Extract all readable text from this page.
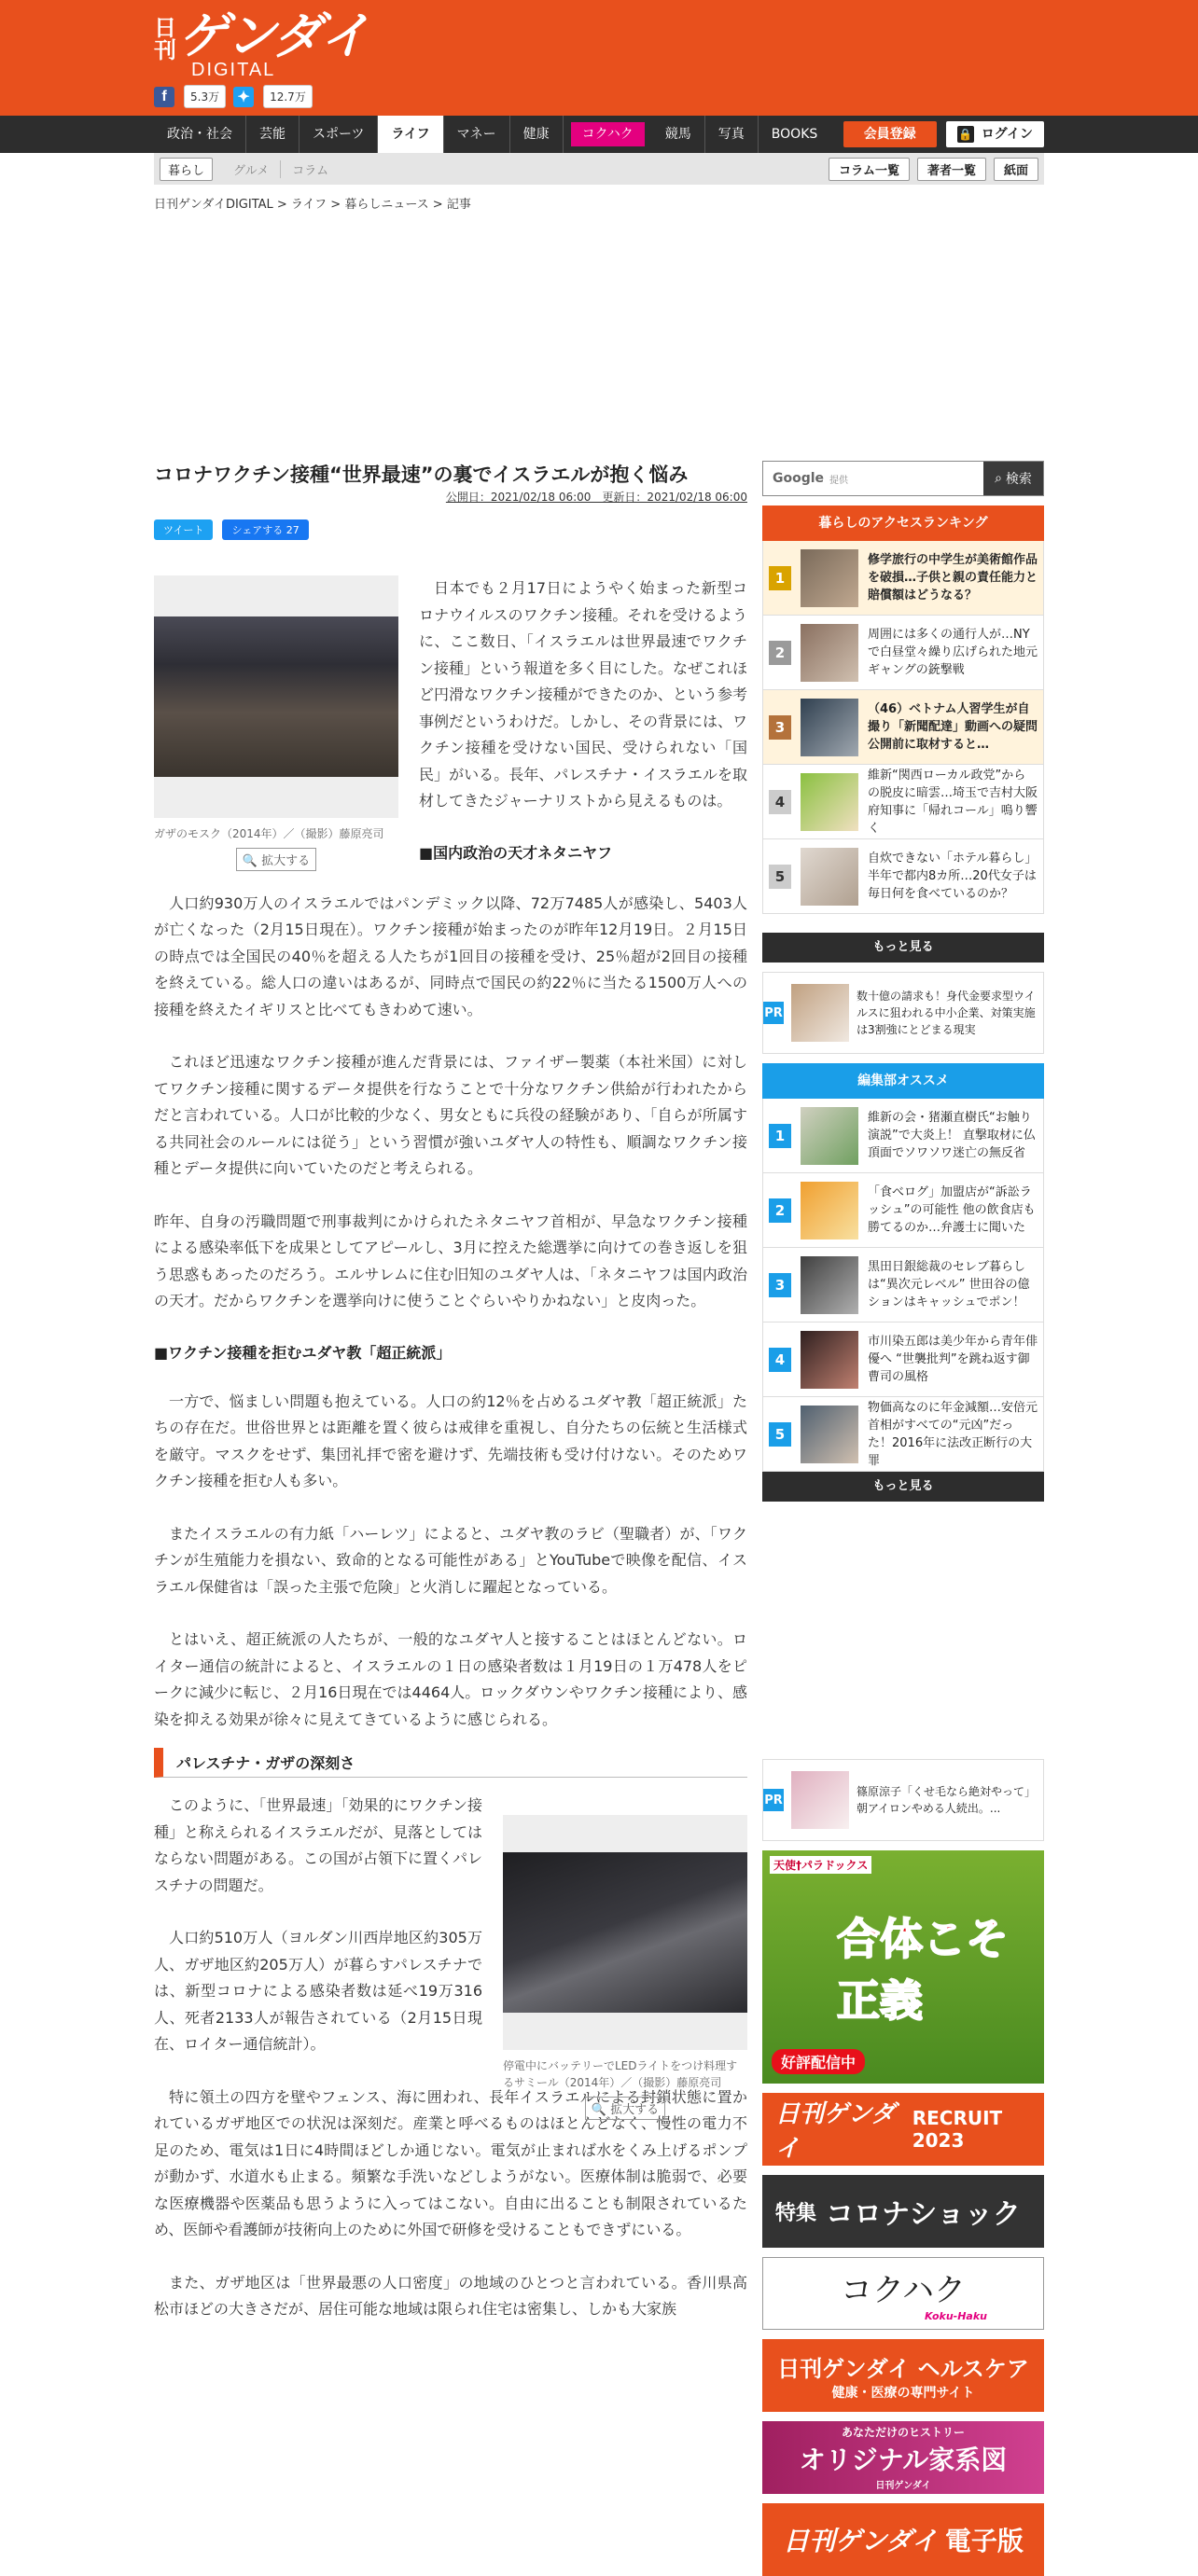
日刊 ゲンダイ
DIGITAL
f	5.3万	✦	12.7万
政治・社会	芸能	スポーツ	ライフ	マネー	健康	コクハク	競馬	写真	BOOKS	会員登録	🔒 ログイン
暮らし	グルメ	コラム	コラム一覧	著者一覧	紙面
日刊ゲンダイDIGITAL > ライフ > 暮らしニュース > 記事
コロナワクチン接種“世界最速”の裏でイスラエルが抱く悩み
公開日：2021/02/18 06:00　更新日：2021/02/18 06:00
ツイート	シェアする 27
ガザのモスク（2014年）／（撮影）藤原亮司
🔍 拡大する

日本でも２月17日にようやく始まった新型コロナウイルスのワクチン接種。それを受けるように、ここ数日、「イスラエルは世界最速でワクチン接種」という報道を多く目にした。なぜこれほど円滑なワクチン接種ができたのか、という参考事例だというわけだ。しかし、その背景には、ワクチン接種を受けない国民、受けられない「国民」がいる。長年、パレスチナ・イスラエルを取材してきたジャーナリストから見えるものは。

■国内政治の天才ネタニヤフ

人口約930万人のイスラエルではパンデミック以降、72万7485人が感染し、5403人が亡くなった（2月15日現在）。ワクチン接種が始まったのが昨年12月19日。２月15日の時点では全国民の40％を超える人たちが1回目の接種を受け、25％超が2回目の接種を終えている。総人口の違いはあるが、同時点で国民の約22％に当たる1500万人への接種を終えたイギリスと比べてもきわめて速い。

これほど迅速なワクチン接種が進んだ背景には、ファイザー製薬（本社米国）に対してワクチン接種に関するデータ提供を行なうことで十分なワクチン供給が行われたからだと言われている。人口が比較的少なく、男女ともに兵役の経験があり、「自らが所属する共同社会のルールには従う」という習慣が強いユダヤ人の特性も、順調なワクチン接種とデータ提供に向いていたのだと考えられる。

昨年、自身の汚職問題で刑事裁判にかけられたネタニヤフ首相が、早急なワクチン接種による感染率低下を成果としてアピールし、3月に控えた総選挙に向けての巻き返しを狙う思惑もあったのだろう。エルサレムに住む旧知のユダヤ人は、「ネタニヤフは国内政治の天才。だからワクチンを選挙向けに使うことぐらいやりかねない」と皮肉った。

■ワクチン接種を拒むユダヤ教「超正統派」

一方で、悩ましい問題も抱えている。人口の約12％を占めるユダヤ教「超正統派」たちの存在だ。世俗世界とは距離を置く彼らは戒律を重視し、自分たちの伝統と生活様式を厳守。マスクをせず、集団礼拝で密を避けず、先端技術も受け付けない。そのためワクチン接種を拒む人も多い。

またイスラエルの有力紙「ハーレツ」によると、ユダヤ教のラビ（聖職者）が、「ワクチンが生殖能力を損ない、致命的となる可能性がある」とYouTubeで映像を配信、イスラエル保健省は「誤った主張で危険」と火消しに躍起となっている。

とはいえ、超正統派の人たちが、一般的なユダヤ人と接することはほとんどない。ロイター通信の統計によると、イスラエルの１日の感染者数は１月19日の１万478人をピークに減少に転じ、２月16日現在では4464人。ロックダウンやワクチン接種により、感染を抑える効果が徐々に見えてきているように感じられる。

パレスチナ・ガザの深刻さ
停電中にバッテリーでLEDライトをつけ料理するサミール（2014年）／（撮影）藤原亮司
🔍 拡大する

このように、「世界最速」「効果的にワクチン接種」と称えられるイスラエルだが、見落としてはならない問題がある。この国が占領下に置くパレスチナの問題だ。

人口約510万人（ヨルダン川西岸地区約305万人、ガザ地区約205万人）が暮らすパレスチナでは、新型コロナによる感染者数は延べ19万316人、死者2133人が報告されている（2月15日現在、ロイター通信統計）。

特に領土の四方を壁やフェンス、海に囲われ、長年イスラエルによる封鎖状態に置かれているガザ地区での状況は深刻だ。産業と呼べるものはほとんどなく、慢性の電力不足のため、電気は1日に4時間ほどしか通じない。電気が止まれば水をくみ上げるポンプが動かず、水道水も止まる。頻繁な手洗いなどしようがない。医療体制は脆弱で、必要な医療機器や医薬品も思うように入ってはこない。自由に出ることも制限されているため、医師や看護師が技術向上のために外国で研修を受けることもできずにいる。

また、ガザ地区は「世界最悪の人口密度」の地域のひとつと言われている。香川県高松市ほどの大きさだが、居住可能な地域は限られ住宅は密集し、しかも大家族

Google 提供	⌕ 検索
暮らしのアクセスランキング
1

修学旅行の中学生が美術館作品を破損…子供と親の責任能力と賠償額はどうなる？

2

周囲には多くの通行人が…NYで白昼堂々繰り広げられた地元ギャングの銃撃戦

3

（46）ベトナム人習学生が自撮り「新聞配達」動画への疑問 公開前に取材すると…

4

維新“関西ローカル政党”からの脱皮に暗雲…埼玉で吉村大阪府知事に「帰れコール」鳴り響く

5

自炊できない「ホテル暮らし」半年で都内8カ所…20代女子は毎日何を食べているのか？

もっと見る
PR

数十億の請求も！身代金要求型ウイルスに狙われる中小企業、対策実施は3割強にとどまる現実

編集部オススメ
1

維新の会・猪瀬直樹氏“お触り演説”で大炎上！ 直撃取材に仏頂面でソワソワ迷亡の無反省

2

「食べログ」加盟店が“訴訟ラッシュ”の可能性 他の飲食店も勝てるのか…弁護士に聞いた

3

黒田日銀総裁のセレブ暮らしは“異次元レベル” 世田谷の億ションはキャッシュでポン！

4

市川染五郎は美少年から青年俳優へ “世襲批判”を跳ね返す御曹司の風格

5

物価高なのに年金減額…安倍元首相がすべての“元凶”だった！2016年に法改正断行の大罪

もっと見る
PR

篠原涼子「くせ毛なら絶対やって」朝アイロンやめる人続出。...

天使†パラドックス
合体こそ正義
好評配信中
日刊ゲンダイ
RECRUIT 2023
特集 コロナショック
コクハク
Koku-Haku
日刊ゲンダイ ヘルスケア
健康・医療の専門サイト
あなただけのヒストリー
オリジナル家系図
日刊ゲンダイ
日刊ゲンダイ 電子版
